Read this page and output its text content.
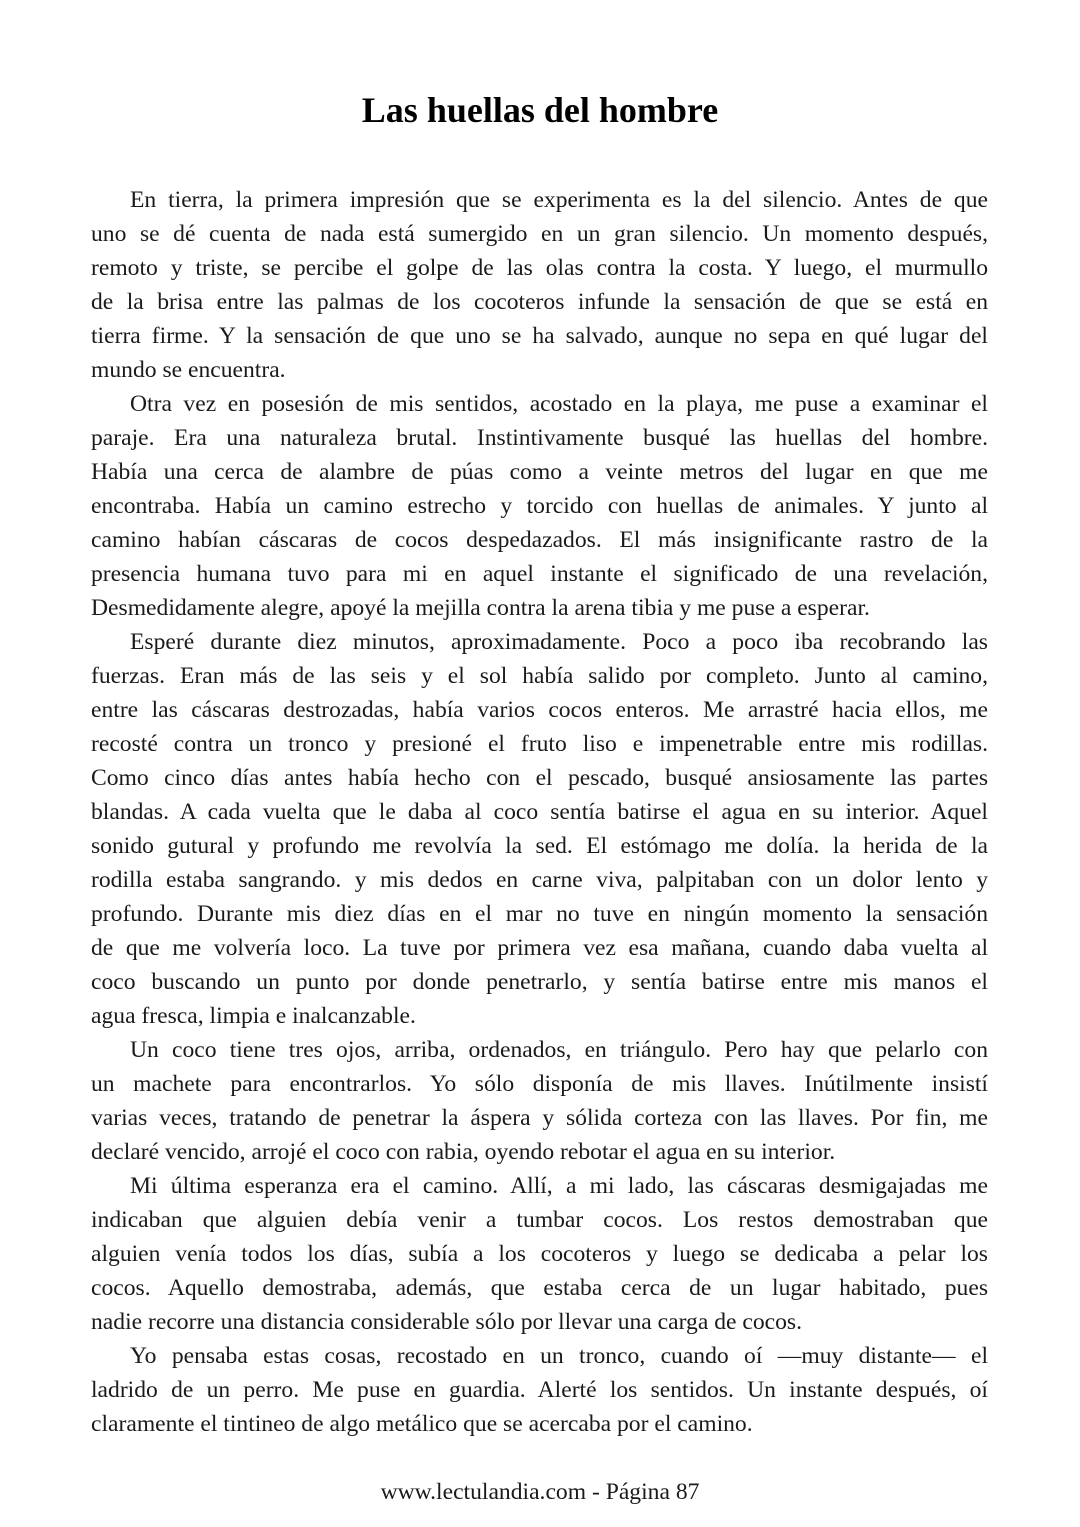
Las huellas del hombre
En tierra, la primera impresión que se experimenta es la del silencio. Antes de que
uno se dé cuenta de nada está sumergido en un gran silencio. Un momento después,
remoto y triste, se percibe el golpe de las olas contra la costa. Y luego, el murmullo
de la brisa entre las palmas de los cocoteros infunde la sensación de que se está en
tierra firme. Y la sensación de que uno se ha salvado, aunque no sepa en qué lugar del
mundo se encuentra.
Otra vez en posesión de mis sentidos, acostado en la playa, me puse a examinar el
paraje. Era una naturaleza brutal. Instintivamente busqué las huellas del hombre.
Había una cerca de alambre de púas como a veinte metros del lugar en que me
encontraba. Había un camino estrecho y torcido con huellas de animales. Y junto al
camino habían cáscaras de cocos despedazados. El más insignificante rastro de la
presencia humana tuvo para mi en aquel instante el significado de una revelación,
Desmedidamente alegre, apoyé la mejilla contra la arena tibia y me puse a esperar.
Esperé durante diez minutos, aproximadamente. Poco a poco iba recobrando las
fuerzas. Eran más de las seis y el sol había salido por completo. Junto al camino,
entre las cáscaras destrozadas, había varios cocos enteros. Me arrastré hacia ellos, me
recosté contra un tronco y presioné el fruto liso e impenetrable entre mis rodillas.
Como cinco días antes había hecho con el pescado, busqué ansiosamente las partes
blandas. A cada vuelta que le daba al coco sentía batirse el agua en su interior. Aquel
sonido gutural y profundo me revolvía la sed. El estómago me dolía. la herida de la
rodilla estaba sangrando. y mis dedos en carne viva, palpitaban con un dolor lento y
profundo. Durante mis diez días en el mar no tuve en ningún momento la sensación
de que me volvería loco. La tuve por primera vez esa mañana, cuando daba vuelta al
coco buscando un punto por donde penetrarlo, y sentía batirse entre mis manos el
agua fresca, limpia e inalcanzable.
Un coco tiene tres ojos, arriba, ordenados, en triángulo. Pero hay que pelarlo con
un machete para encontrarlos. Yo sólo disponía de mis llaves. Inútilmente insistí
varias veces, tratando de penetrar la áspera y sólida corteza con las llaves. Por fin, me
declaré vencido, arrojé el coco con rabia, oyendo rebotar el agua en su interior.
Mi última esperanza era el camino. Allí, a mi lado, las cáscaras desmigajadas me
indicaban que alguien debía venir a tumbar cocos. Los restos demostraban que
alguien venía todos los días, subía a los cocoteros y luego se dedicaba a pelar los
cocos. Aquello demostraba, además, que estaba cerca de un lugar habitado, pues
nadie recorre una distancia considerable sólo por llevar una carga de cocos.
Yo pensaba estas cosas, recostado en un tronco, cuando oí —muy distante— el
ladrido de un perro. Me puse en guardia. Alerté los sentidos. Un instante después, oí
claramente el tintineo de algo metálico que se acercaba por el camino.
www.lectulandia.com - Página 87
